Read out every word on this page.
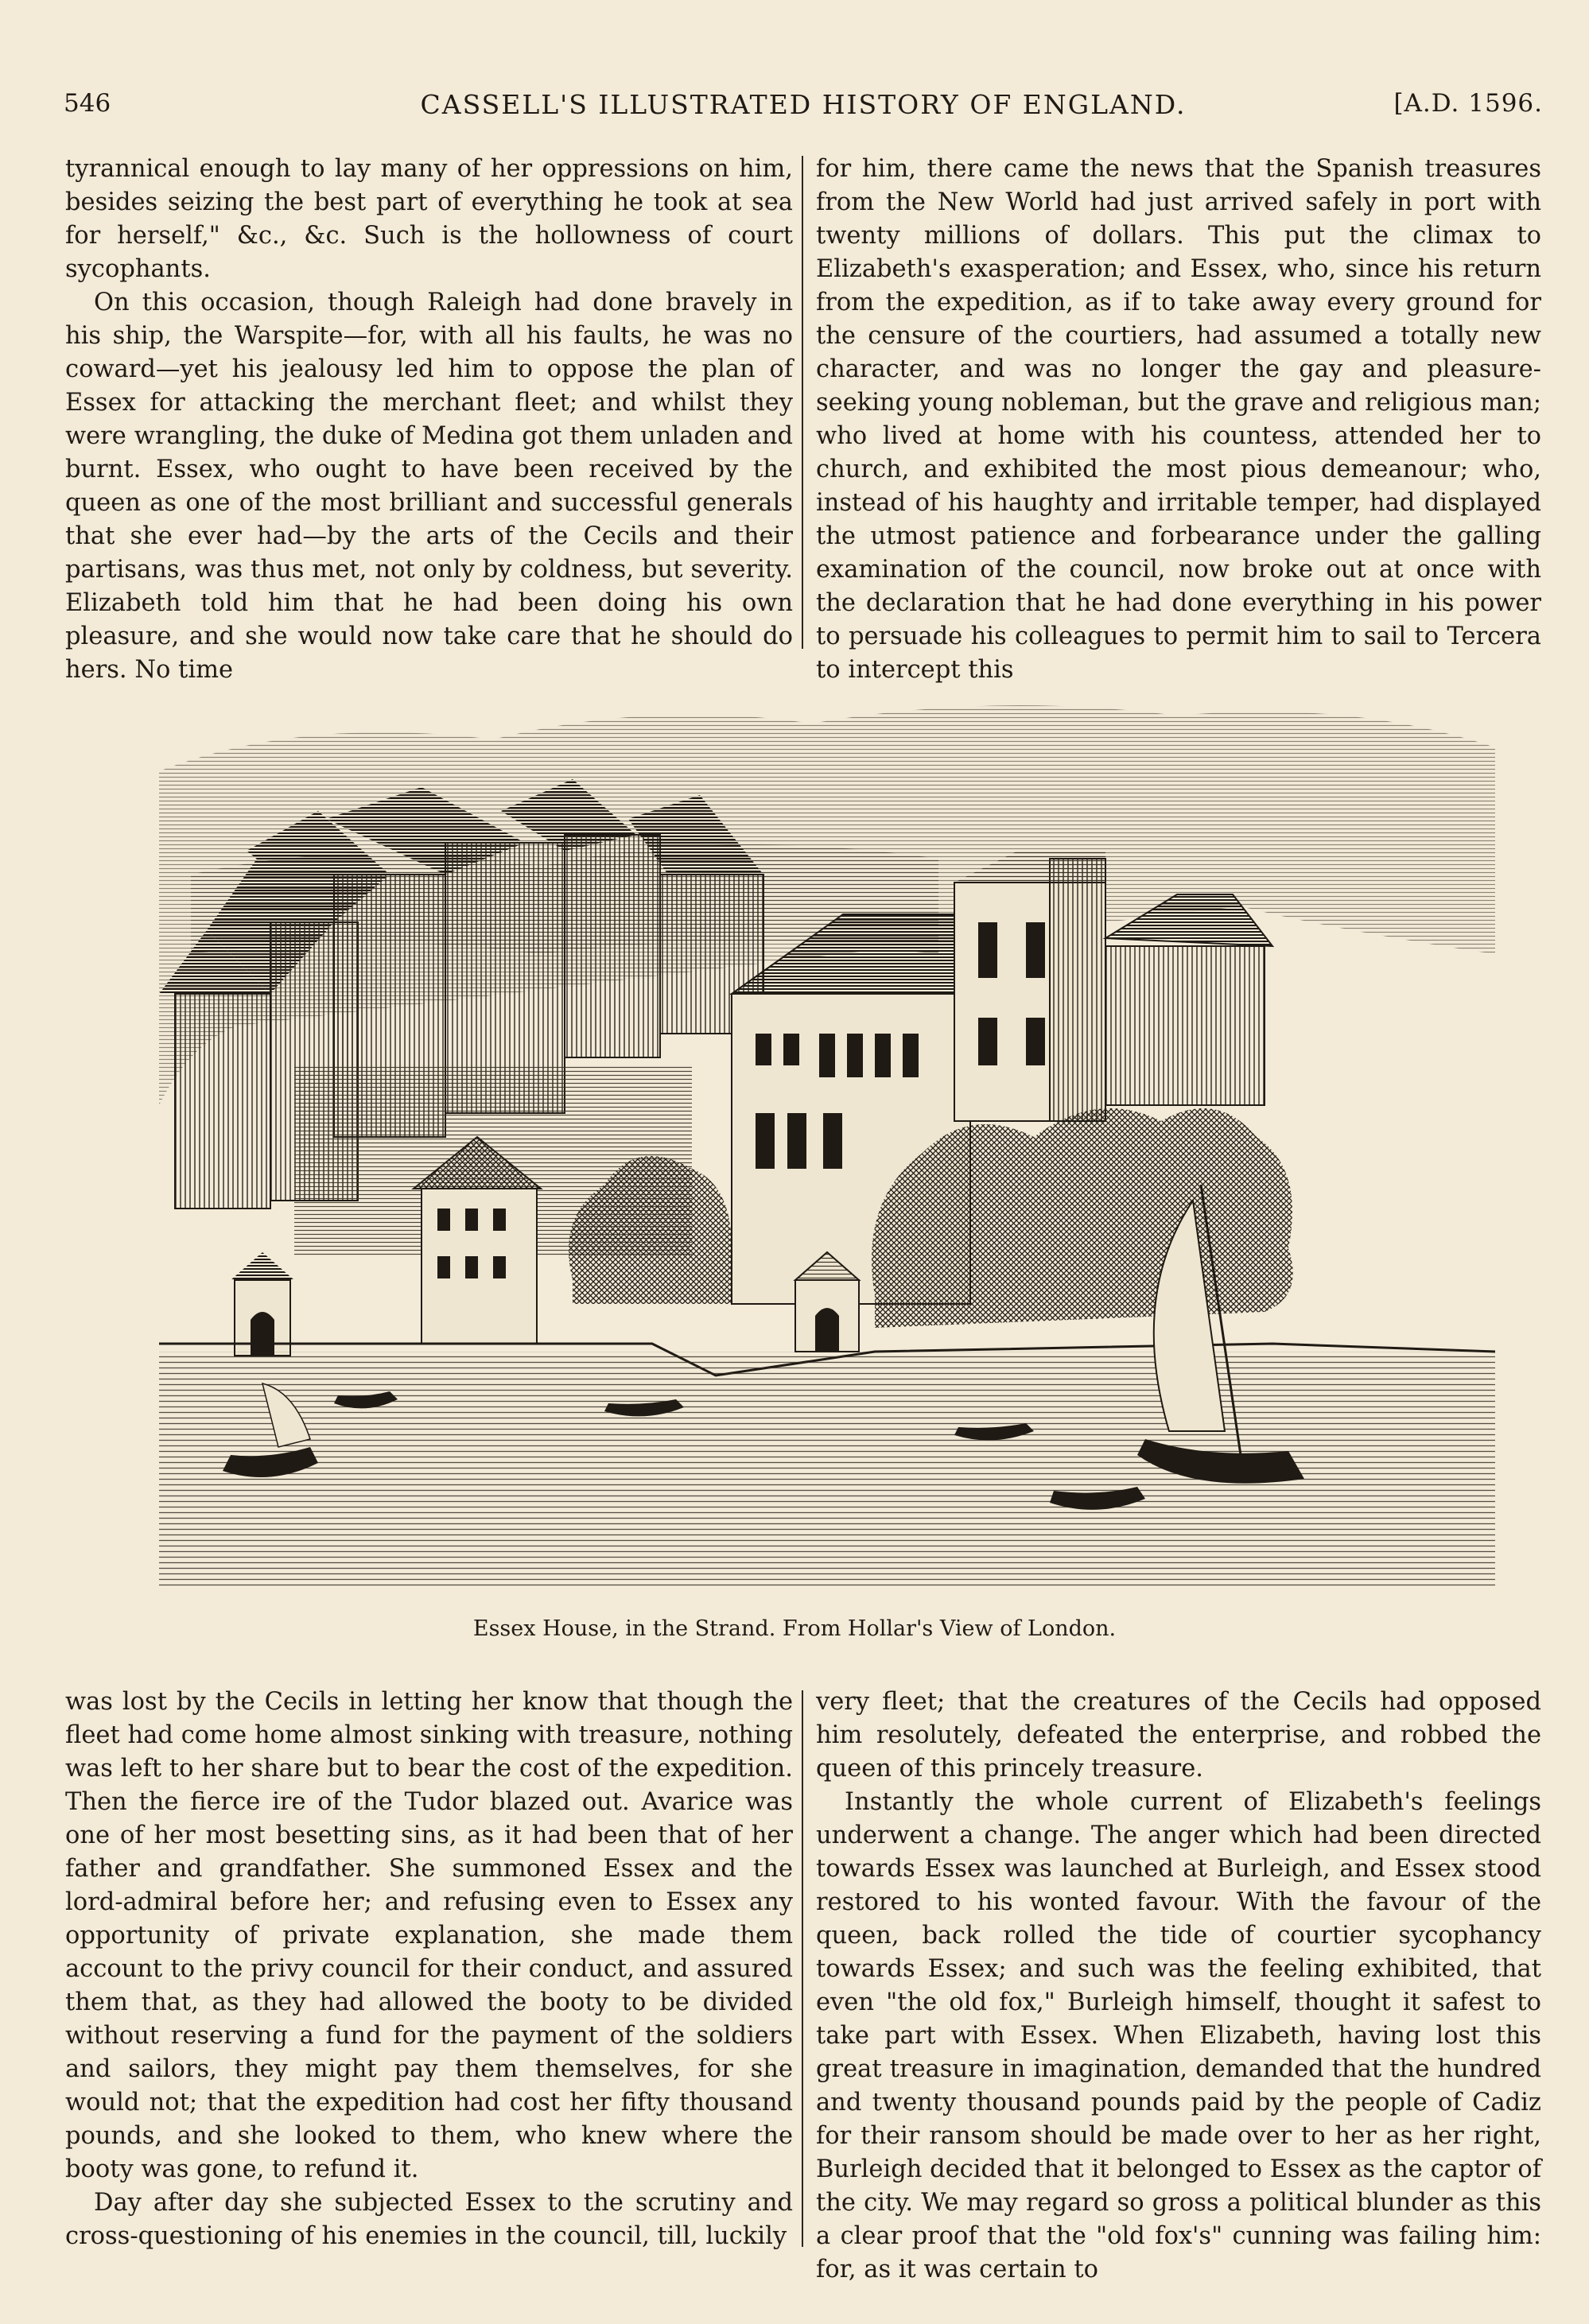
546	CASSELL'S ILLUSTRATED HISTORY OF ENGLAND.	[A.D. 1596.

tyrannical enough to lay many of her oppressions on him, besides seizing the best part of everything he took at sea for herself," &c., &c. Such is the hollowness of court sycophants.

On this occasion, though Raleigh had done bravely in his ship, the Warspite—for, with all his faults, he was no coward—yet his jealousy led him to oppose the plan of Essex for attacking the merchant fleet; and whilst they were wrangling, the duke of Medina got them unladen and burnt. Essex, who ought to have been received by the queen as one of the most brilliant and successful generals that she ever had—by the arts of the Cecils and their partisans, was thus met, not only by coldness, but severity. Elizabeth told him that he had been doing his own pleasure, and she would now take care that he should do hers. No time

for him, there came the news that the Spanish treasures from the New World had just arrived safely in port with twenty millions of dollars. This put the climax to Elizabeth's exasperation; and Essex, who, since his return from the expedition, as if to take away every ground for the censure of the courtiers, had assumed a totally new character, and was no longer the gay and pleasure-seeking young nobleman, but the grave and religious man; who lived at home with his countess, attended her to church, and exhibited the most pious demeanour; who, instead of his haughty and irritable temper, had displayed the utmost patience and forbearance under the galling examination of the council, now broke out at once with the declaration that he had done everything in his power to persuade his colleagues to permit him to sail to Tercera to intercept this

Essex House, in the Strand. From Hollar's View of London.

was lost by the Cecils in letting her know that though the fleet had come home almost sinking with treasure, nothing was left to her share but to bear the cost of the expedition. Then the fierce ire of the Tudor blazed out. Avarice was one of her most besetting sins, as it had been that of her father and grandfather. She summoned Essex and the lord-admiral before her; and refusing even to Essex any opportunity of private explanation, she made them account to the privy council for their conduct, and assured them that, as they had allowed the booty to be divided without reserving a fund for the payment of the soldiers and sailors, they might pay them themselves, for she would not; that the expedition had cost her fifty thousand pounds, and she looked to them, who knew where the booty was gone, to refund it.

Day after day she subjected Essex to the scrutiny and cross-questioning of his enemies in the council, till, luckily

very fleet; that the creatures of the Cecils had opposed him resolutely, defeated the enterprise, and robbed the queen of this princely treasure.

Instantly the whole current of Elizabeth's feelings underwent a change. The anger which had been directed towards Essex was launched at Burleigh, and Essex stood restored to his wonted favour. With the favour of the queen, back rolled the tide of courtier sycophancy towards Essex; and such was the feeling exhibited, that even "the old fox," Burleigh himself, thought it safest to take part with Essex. When Elizabeth, having lost this great treasure in imagination, demanded that the hundred and twenty thousand pounds paid by the people of Cadiz for their ransom should be made over to her as her right, Burleigh decided that it belonged to Essex as the captor of the city. We may regard so gross a political blunder as this a clear proof that the "old fox's" cunning was failing him: for, as it was certain to
